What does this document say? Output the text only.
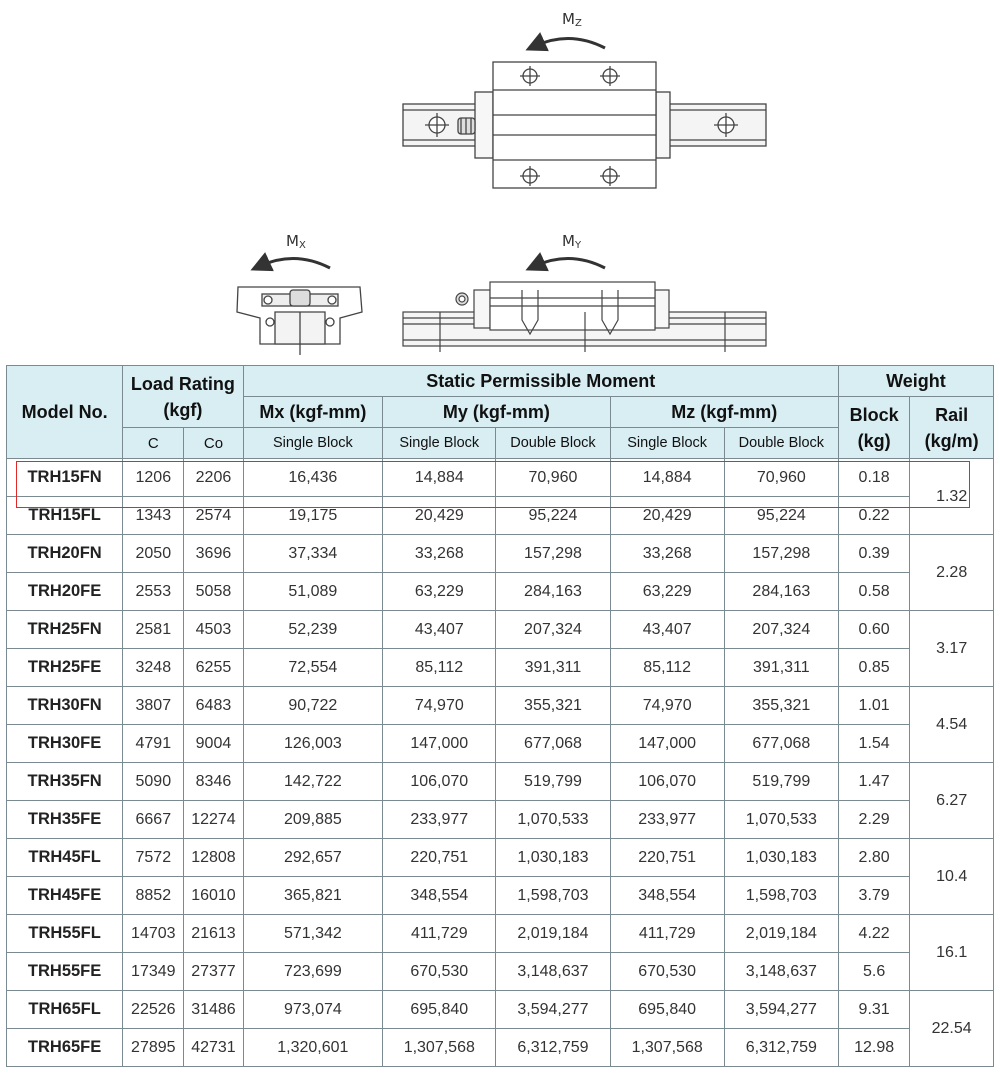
MZ
MX	MY
Model No.	Load Rating (kgf)		Static Permissible Moment					Weight	
			Mx (kgf-mm)	My (kgf-mm)		Mz (kgf-mm)		Block (kg)	Rail (kg/m)
	C	Co	Single Block	Single Block	Double Block	Single Block	Double Block		
TRH15FN	1206	2206	16,436	14,884	70,960	14,884	70,960	0.18	1.32
TRH15FL	1343	2574	19,175	20,429	95,224	20,429	95,224	0.22	
TRH20FN	2050	3696	37,334	33,268	157,298	33,268	157,298	0.39	2.28
TRH20FE	2553	5058	51,089	63,229	284,163	63,229	284,163	0.58	
TRH25FN	2581	4503	52,239	43,407	207,324	43,407	207,324	0.60	3.17
TRH25FE	3248	6255	72,554	85,112	391,311	85,112	391,311	0.85	
TRH30FN	3807	6483	90,722	74,970	355,321	74,970	355,321	1.01	4.54
TRH30FE	4791	9004	126,003	147,000	677,068	147,000	677,068	1.54	
TRH35FN	5090	8346	142,722	106,070	519,799	106,070	519,799	1.47	6.27
TRH35FE	6667	12274	209,885	233,977	1,070,533	233,977	1,070,533	2.29	
TRH45FL	7572	12808	292,657	220,751	1,030,183	220,751	1,030,183	2.80	10.4
TRH45FE	8852	16010	365,821	348,554	1,598,703	348,554	1,598,703	3.79	
TRH55FL	14703	21613	571,342	411,729	2,019,184	411,729	2,019,184	4.22	16.1
TRH55FE	17349	27377	723,699	670,530	3,148,637	670,530	3,148,637	5.6	
TRH65FL	22526	31486	973,074	695,840	3,594,277	695,840	3,594,277	9.31	22.54
TRH65FE	27895	42731	1,320,601	1,307,568	6,312,759	1,307,568	6,312,759	12.98	
